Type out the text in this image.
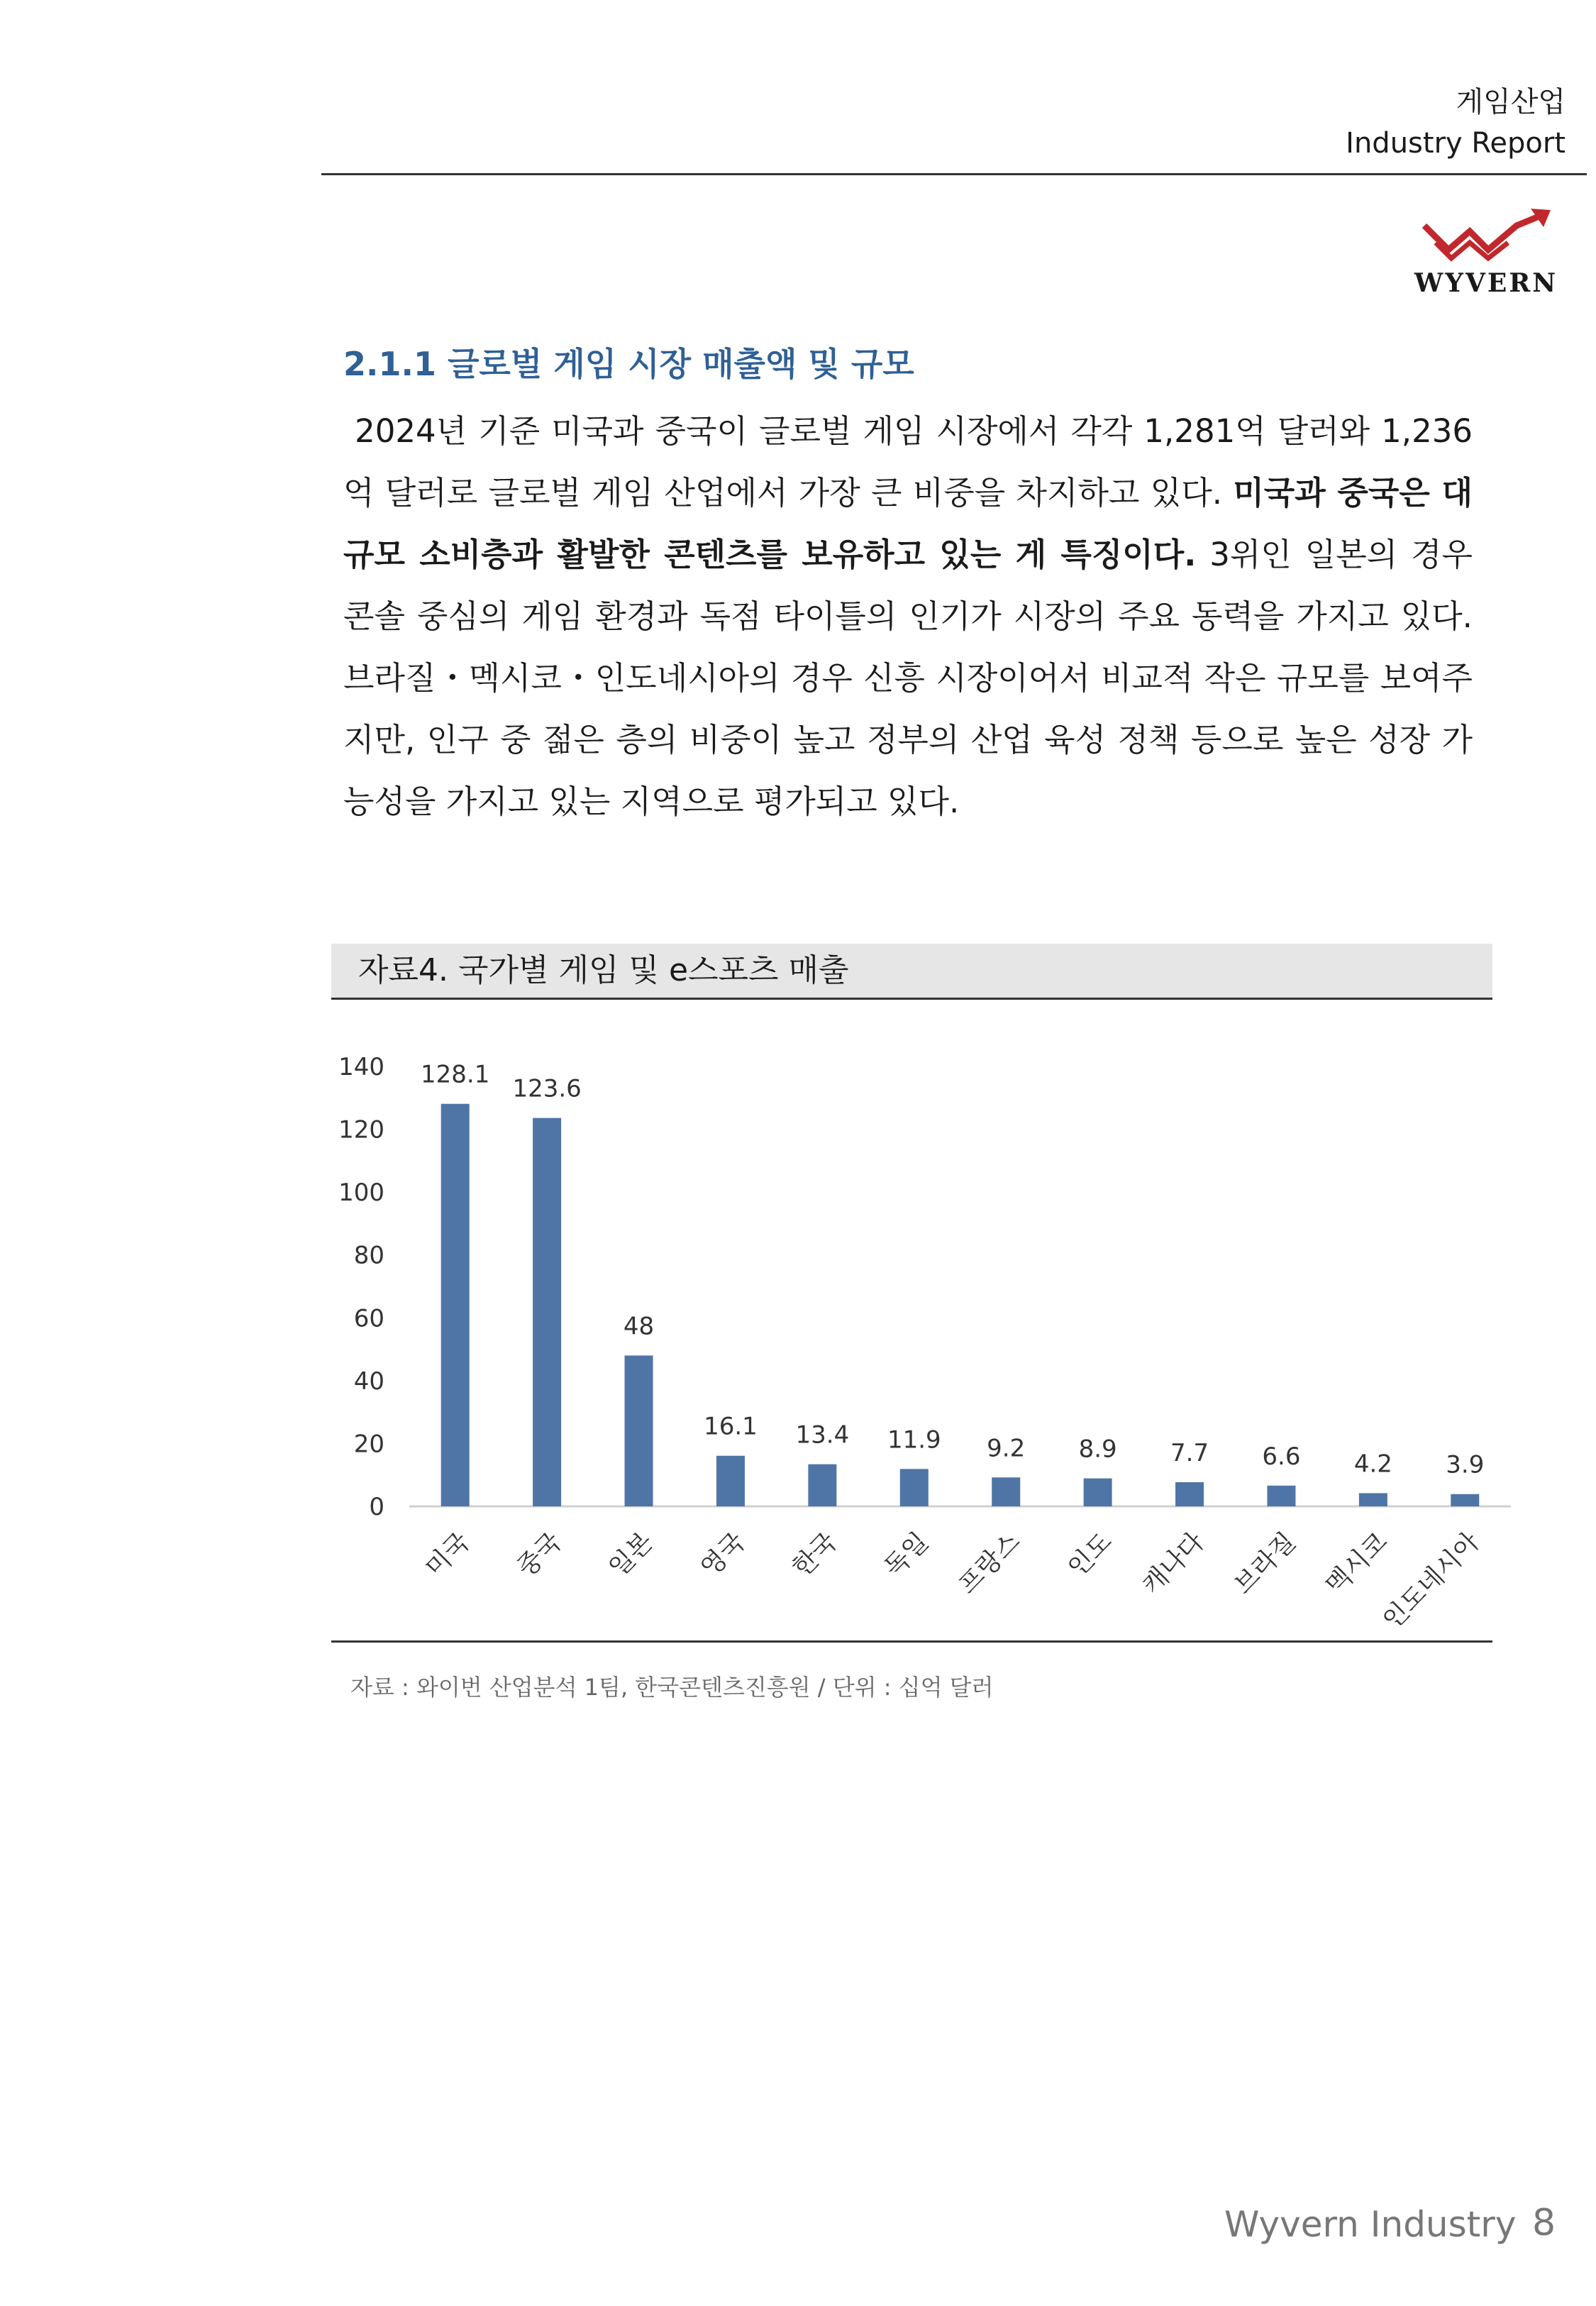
게임산업
Industry Report
WYVERN
2.1.1 글로벌 게임 시장 매출액 및 규모
2024년 기준 미국과 중국이 글로벌 게임 시장에서 각각 1,281억 달러와 1,236억 달러로 글로벌 게임 산업에서 가장 큰 비중을 차지하고 있다. 미국과 중국은 대규모 소비층과 활발한 콘텐츠를 보유하고 있는 게 특징이다. 3위인 일본의 경우 콘솔 중심의 게임 환경과 독점 타이틀의 인기가 시장의 주요 동력을 가지고 있다. 브라질・멕시코・인도네시아의 경우 신흥 시장이어서 비교적 작은 규모를 보여주지만, 인구 중 젊은 층의 비중이 높고 정부의 산업 육성 정책 등으로 높은 성장 가능성을 가지고 있는 지역으로 평가되고 있다.
자료4. 국가별 게임 및 e스포츠 매출
0
20
40
60
80
100
120
140 128.1
미국
123.6
중국
48
일본
16.1
영국
13.4
한국
11.9
독일
9.2
프랑스
8.9
인도
7.7
캐나다
6.6
브라질
4.2
멕시코
3.9
인도네시아
자료 : 와이번 산업분석 1팀, 한국콘텐츠진흥원 / 단위 : 십억 달러
Wyvern Industry 8
